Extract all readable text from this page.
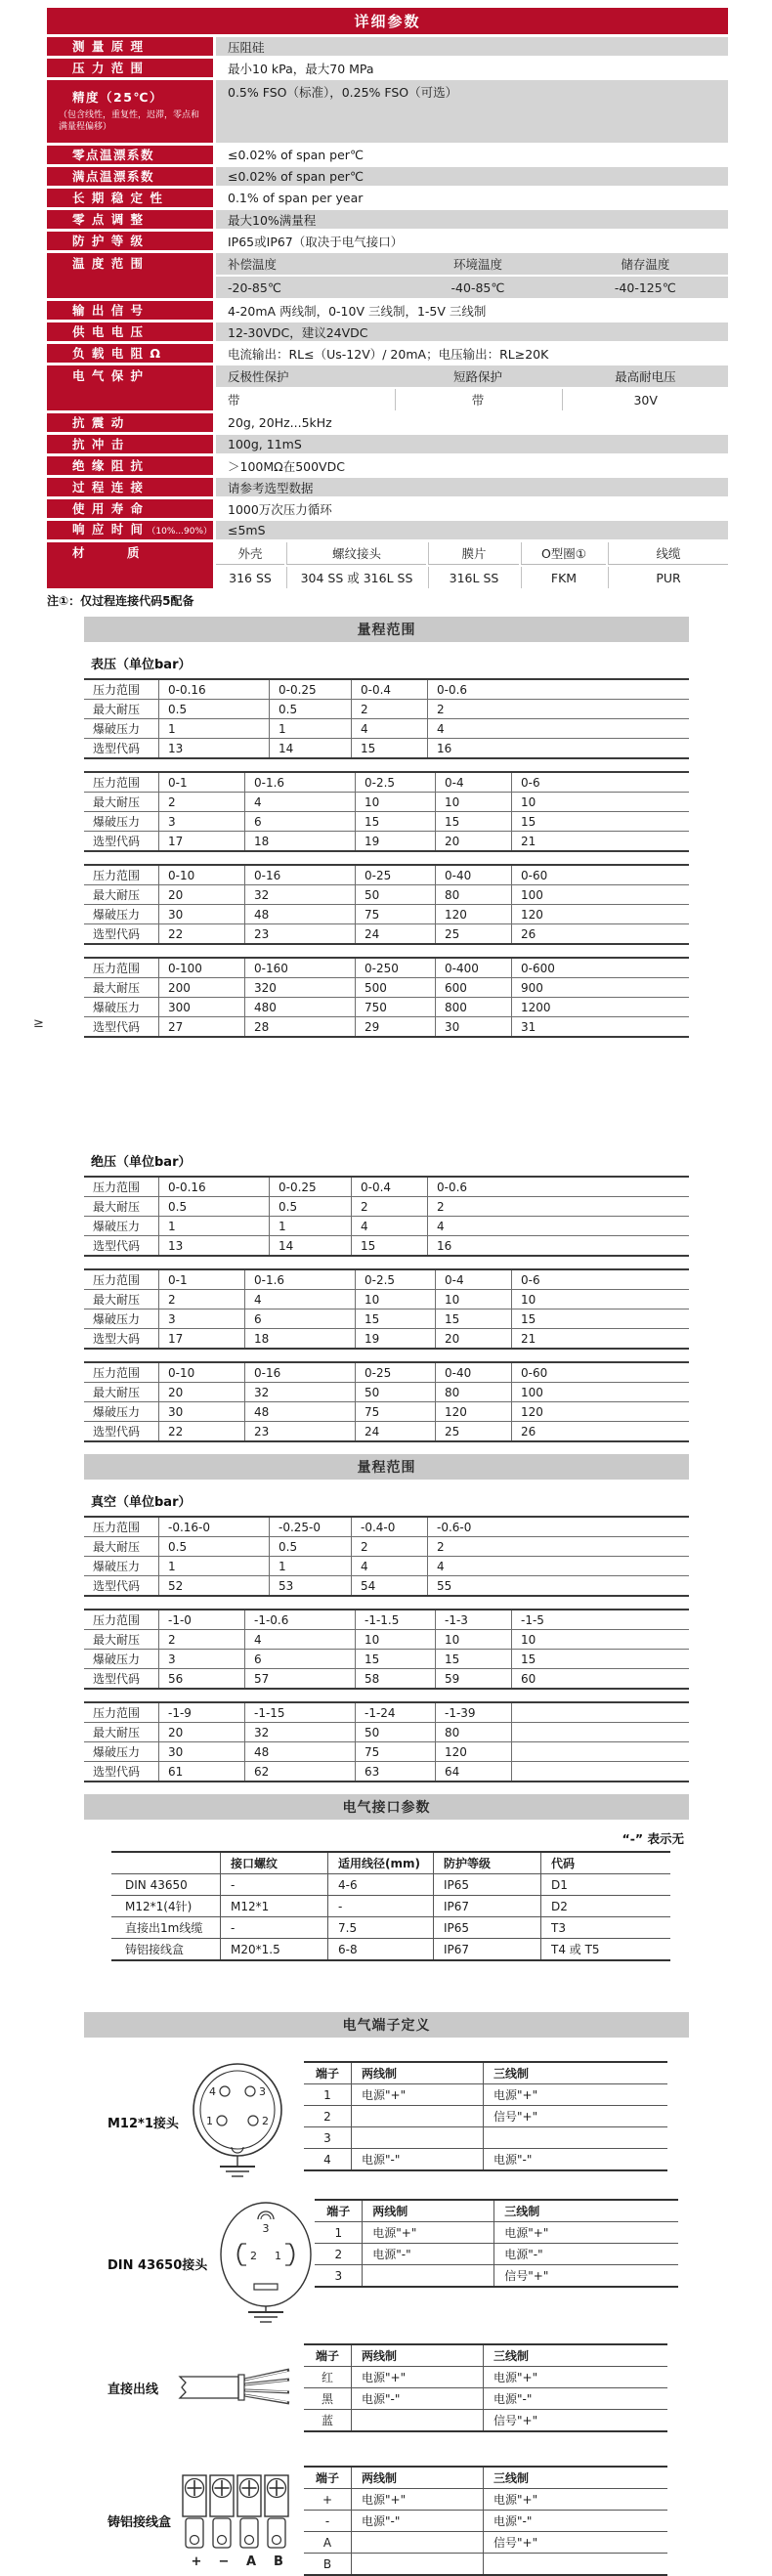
详细参数
测 量 原 理	压阻硅
压 力 范 围	最小10 kPa，最大70 MPa
精度（25℃）
（包含线性，重复性，迟滞，零点和满量程偏移）
0.5% FSO（标准），0.25% FSO（可选）
零点温漂系数	≤0.02% of span per℃
满点温漂系数	≤0.02% of span per℃
长 期 稳 定 性	0.1% of span per year
零 点 调 整	最大10%满量程
防 护 等 级	IP65或IP67（取决于电气接口）
温 度 范 围	补偿温度	环境温度	储存温度
-20-85℃	-40-85℃	-40-125℃
输 出 信 号	4-20mA 两线制，0-10V 三线制，1-5V 三线制
供 电 电 压	12-30VDC，建议24VDC
负 载 电 阻 Ω	电流输出：RL≤（Us-12V）/ 20mA；电压输出：RL≥20K
电 气 保 护	反极性保护	短路保护	最高耐电压
带	带	30V
抗 震 动	20g, 20Hz...5kHz
抗 冲 击	100g, 11mS
绝 缘 阻 抗	＞100MΩ在500VDC
过 程 连 接	请参考选型数据
使 用 寿 命	1000万次压力循环
响 应 时 间 （10%...90%）	≤5mS
材　　　质	外壳	螺纹接头	膜片	O型圈①	线缆
316 SS	304 SS 或 316L SS	316L SS	FKM	PUR
注①：仅过程连接代码5配备
量程范围
表压（单位bar）
压力范围	0-0.16	0-0.25	0-0.4	0-0.6
最大耐压	0.5	0.5	2	2
爆破压力	1	1	4	4
选型代码	13	14	15	16
压力范围	0-1	0-1.6	0-2.5	0-4	0-6
最大耐压	2	4	10	10	10
爆破压力	3	6	15	15	15
选型代码	17	18	19	20	21
压力范围	0-10	0-16	0-25	0-40	0-60
最大耐压	20	32	50	80	100
爆破压力	30	48	75	120	120
选型代码	22	23	24	25	26
压力范围	0-100	0-160	0-250	0-400	0-600
最大耐压	200	320	500	600	900
爆破压力	300	480	750	800	1200
选型代码	27	28	29	30	31
绝压（单位bar）
压力范围	0-0.16	0-0.25	0-0.4	0-0.6
最大耐压	0.5	0.5	2	2
爆破压力	1	1	4	4
选型代码	13	14	15	16
压力范围	0-1	0-1.6	0-2.5	0-4	0-6
最大耐压	2	4	10	10	10
爆破压力	3	6	15	15	15
选型大码	17	18	19	20	21
压力范围	0-10	0-16	0-25	0-40	0-60
最大耐压	20	32	50	80	100
爆破压力	30	48	75	120	120
选型代码	22	23	24	25	26
量程范围
真空（单位bar）
压力范围	-0.16-0	-0.25-0	-0.4-0	-0.6-0
最大耐压	0.5	0.5	2	2
爆破压力	1	1	4	4
选型代码	52	53	54	55
压力范围	-1-0	-1-0.6	-1-1.5	-1-3	-1-5
最大耐压	2	4	10	10	10
爆破压力	3	6	15	15	15
选型代码	56	57	58	59	60
压力范围	-1-9	-1-15	-1-24	-1-39
最大耐压	20	32	50	80
爆破压力	30	48	75	120
选型代码	61	62	63	64
≥
电气接口参数
“-” 表示无
接口螺纹	适用线径(mm)	防护等级	代码
DIN 43650	-	4-6	IP65	D1
M12*1(4针)	M12*1	-	IP67	D2
直接出1m线缆	-	7.5	IP65	T3
铸铝接线盒	M20*1.5	6-8	IP67	T4 或 T5
电气端子定义
M12*1接头
4	3
1	2
端子	两线制	三线制
1	电源"+"	电源"+"
2	信号"+"
3
4	电源"-"	电源"-"
DIN 43650接头
3
2 1
端子	两线制	三线制
1	电源"+"	电源"+"
2	电源"-"	电源"-"
3	信号"+"
直接出线
端子	两线制	三线制
红	电源"+"	电源"+"
黑	电源"-"	电源"-"
蓝	信号"+"
铸铝接线盒
+ − A B
端子	两线制	三线制
+	电源"+"	电源"+"
-	电源"-"	电源"-"
A	信号"+"
B
